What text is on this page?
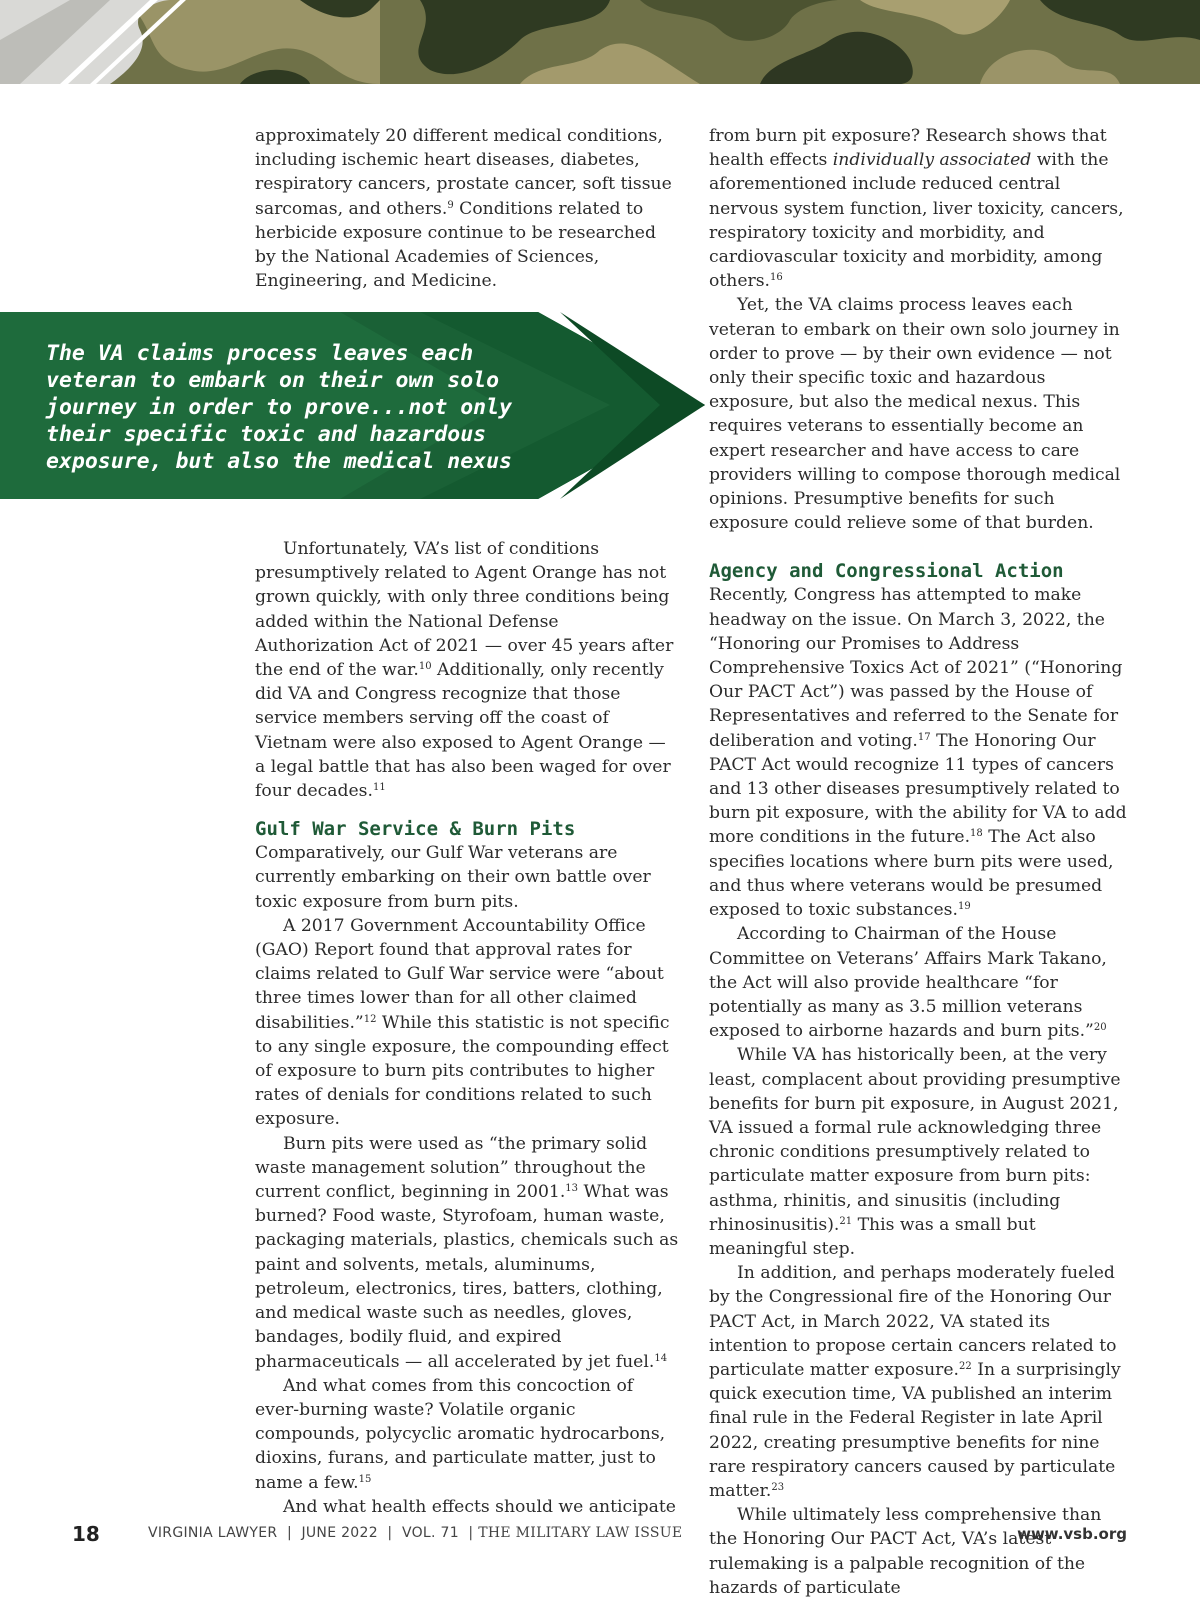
approximately 20 different medical conditions, including ischemic heart diseases, diabetes, respiratory cancers, prostate cancer, soft tissue sarcomas, and others.$^9$ Conditions related to herbicide exposure continue to be researched by the National Academies of Sciences, Engineering, and Medicine.

The VA claims process leaves each veteran to embark on their own solo journey in order to prove...not only their specific toxic and hazardous exposure, but also the medical nexus

Unfortunately, VA’s list of conditions presumptively related to Agent Orange has not grown quickly, with only three conditions being added within the National Defense Authorization Act of 2021 — over 45 years after the end of the war.$^{10}$ Additionally, only recently did VA and Congress recognize that those service members serving off the coast of Vietnam were also exposed to Agent Orange — a legal battle that has also been waged for over four decades.$^{11}$

Gulf War Service & Burn Pits

Comparatively, our Gulf War veterans are currently embarking on their own battle over toxic exposure from burn pits.

A 2017 Government Accountability Office (GAO) Report found that approval rates for claims related to Gulf War service were “about three times lower than for all other claimed disabilities.”$^{12}$ While this statistic is not specific to any single exposure, the compounding effect of exposure to burn pits contributes to higher rates of denials for conditions related to such exposure.

Burn pits were used as “the primary solid waste management solution” throughout the current conflict, beginning in 2001.13 What was burned? Food waste, Styrofoam, human waste, packaging materials, plastics, chemicals such as paint and solvents, metals, aluminums, petroleum, electronics, tires, batters, clothing, and medical waste such as needles, gloves, bandages, bodily fluid, and expired pharmaceuticals — all accelerated by jet fuel.$^{14}$

And what comes from this concoction of ever-burning waste? Volatile organic compounds, polycyclic aromatic hydrocarbons, dioxins, furans, and particulate matter, just to name a few.$^{15}$

And what health effects should we anticipate

from burn pit exposure? Research shows that health effects individually associated with the aforementioned include reduced central nervous system function, liver toxicity, cancers, respiratory toxicity and morbidity, and cardiovascular toxicity and morbidity, among others.$^{16}$

Yet, the VA claims process leaves each veteran to embark on their own solo journey in order to prove — by their own evidence — not only their specific toxic and hazardous exposure, but also the medical nexus. This requires veterans to essentially become an expert researcher and have access to care providers willing to compose thorough medical opinions. Presumptive benefits for such exposure could relieve some of that burden.

Agency and Congressional Action

Recently, Congress has attempted to make headway on the issue. On March 3, 2022, the “Honoring our Promises to Address Comprehensive Toxics Act of 2021” (“Honoring Our PACT Act”) was passed by the House of Representatives and referred to the Senate for deliberation and voting.$^{17}$ The Honoring Our PACT Act would recognize 11 types of cancers and 13 other diseases presumptively related to burn pit exposure, with the ability for VA to add more conditions in the future.$^{18}$ The Act also specifies locations where burn pits were used, and thus where veterans would be presumed exposed to toxic substances.$^{19}$

According to Chairman of the House Committee on Veterans’ Affairs Mark Takano, the Act will also provide healthcare “for potentially as many as 3.5 million veterans exposed to airborne hazards and burn pits.”$^{20}$

While VA has historically been, at the very least, complacent about providing presumptive benefits for burn pit exposure, in August 2021, VA issued a formal rule acknowledging three chronic conditions presumptively related to particulate matter exposure from burn pits: asthma, rhinitis, and sinusitis (including rhinosinusitis).$^{21}$ This was a small but meaningful step.

In addition, and perhaps moderately fueled by the Congressional fire of the Honoring Our PACT Act, in March 2022, VA stated its intention to propose certain cancers related to particulate matter exposure.$^{22}$ In a surprisingly quick execution time, VA published an interim final rule in the Federal Register in late April 2022, creating presumptive benefits for nine rare respiratory cancers caused by particulate matter.$^{23}$

While ultimately less comprehensive than the Honoring Our PACT Act, VA’s latest rulemaking is a palpable recognition of the hazards of particulate

18	VIRGINIA LAWYER  |  JUNE 2022  |  VOL. 71  | THE MILITARY LAW ISSUE	www.vsb.org
